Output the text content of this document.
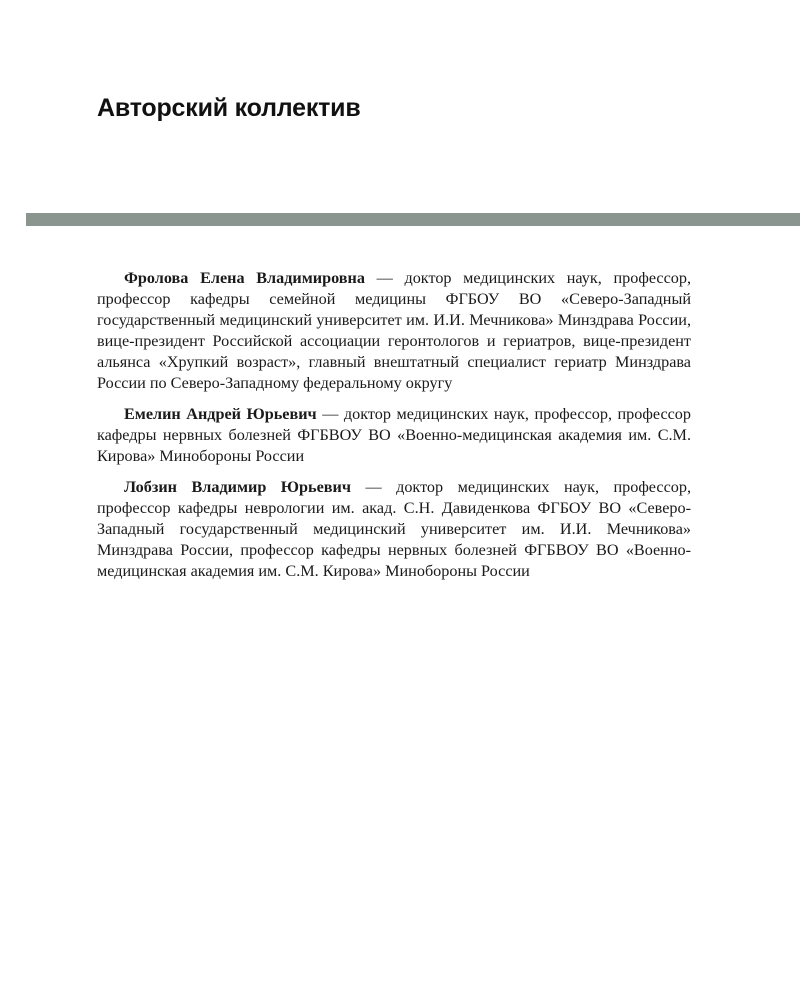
Авторский коллектив

Фролова Елена Владимировна — доктор медицинских наук, профессор, профессор кафедры семейной медицины ФГБОУ ВО «Северо-Западный государственный медицинский университет им. И.И. Мечникова» Минздрава России, вице-президент Российской ассоциации геронтологов и гериатров, вице-президент альянса «Хрупкий возраст», главный внештатный специалист гериатр Минздрава России по Северо-Западному федеральному округу

Емелин Андрей Юрьевич — доктор медицинских наук, профессор, профессор кафедры нервных болезней ФГБВОУ ВО «Военно-медицинская академия им. С.М. Кирова» Минобороны России

Лобзин Владимир Юрьевич — доктор медицинских наук, профессор, профессор кафедры неврологии им. акад. С.Н. Давиденкова ФГБОУ ВО «Северо-Западный государственный медицинский университет им. И.И. Мечникова» Минздрава России, профессор кафедры нервных болезней ФГБВОУ ВО «Военно-медицинская академия им. С.М. Кирова» Минобороны России
